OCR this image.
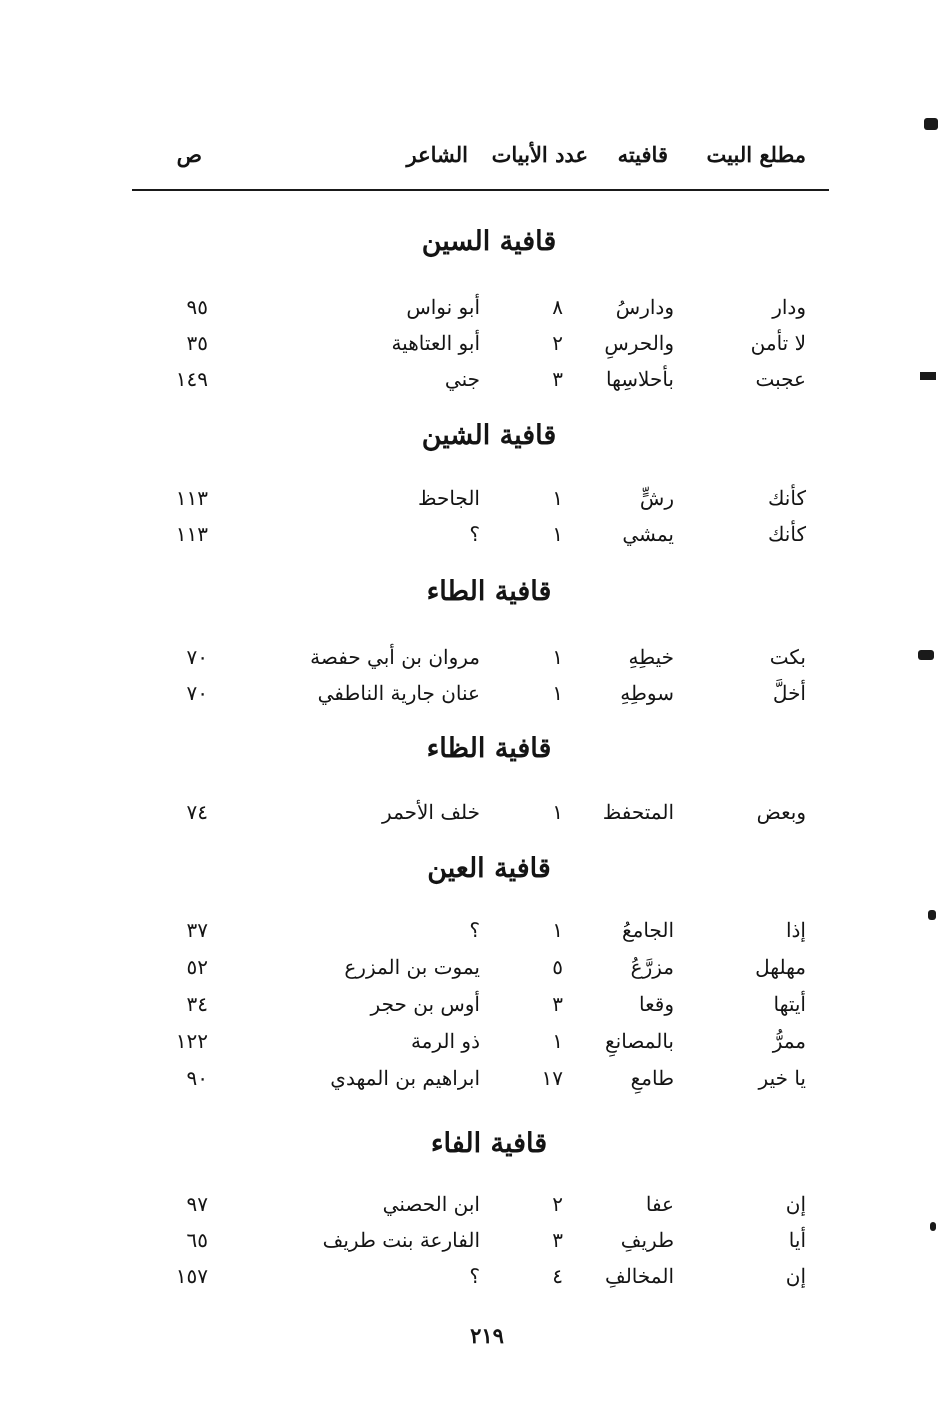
مطلع البيت
قافيته
عدد الأبيات
الشاعر
ص
قافية السين
ودار
ودارسُ
٨
أبو نواس
٩٥
لا تأمن
والحرسِ
٢
أبو العتاهية
٣٥
عجبت
بأحلاسِها
٣
جني
١٤٩
قافية الشين
كأنك
رشٍّ
١
الجاحظ
١١٣
كأنك
يمشي
١
؟
١١٣
قافية الطاء
بكت
خيطِهِ
١
مروان بن أبي حفصة
٧٠
أخلَّ
سوطِهِ
١
عنان جارية الناطفي
٧٠
قافية الظاء
وبعض
المتحفظ
١
خلف الأحمر
٧٤
قافية العين
إذا
الجامعُ
١
؟
٣٧
مهلهل
مزرَّعُ
٥
يموت بن المزرع
٥٢
أيتها
وقعا
٣
أوس بن حجر
٣٤
ممرُّ
بالمصانعِ
١
ذو الرمة
١٢٢
يا خير
طامعِ
١٧
ابراهيم بن المهدي
٩٠
قافية الفاء
إن
عفا
٢
ابن الحصني
٩٧
أيا
طريفِ
٣
الفارعة بنت طريف
٦٥
إن
المخالفِ
٤
؟
١٥٧
٢١٩
